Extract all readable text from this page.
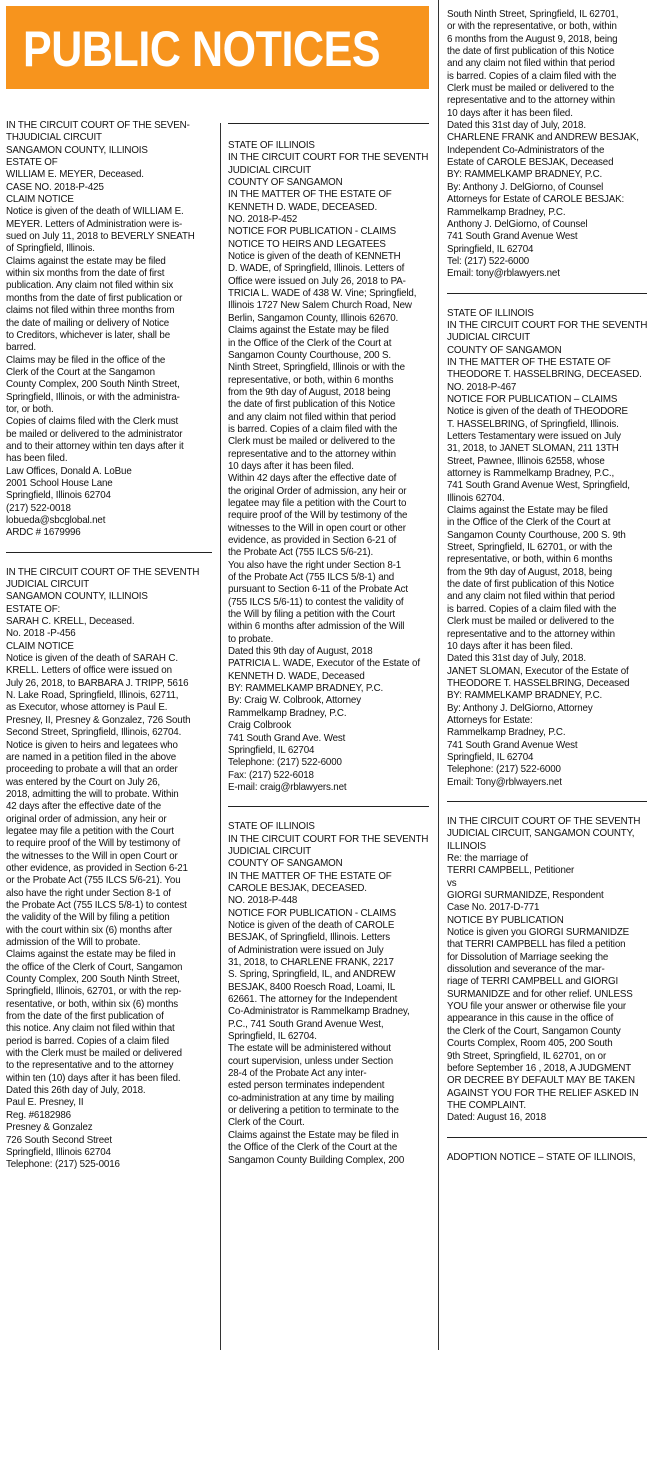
PUBLIC NOTICES
IN THE CIRCUIT COURT OF THE SEVEN-
THJUDICIAL CIRCUIT
SANGAMON COUNTY, ILLINOIS
ESTATE OF
WILLIAM E. MEYER, Deceased.
CASE NO. 2018-P-425
CLAIM NOTICE
Notice is given of the death of WILLIAM E.
MEYER. Letters of Administration were is-
sued on July 11, 2018 to BEVERLY SNEATH
of Springfield, Illinois.
Claims against the estate may be filed
within six months from the date of first
publication. Any claim not filed within six
months from the date of first publication or
claims not filed within three months from
the date of mailing or delivery of Notice
to Creditors, whichever is later, shall be
barred.
Claims may be filed in the office of the
Clerk of the Court at the Sangamon
County Complex, 200 South Ninth Street,
Springfield, Illinois, or with the administra-
tor, or both.
Copies of claims filed with the Clerk must
be mailed or delivered to the administrator
and to their attorney within ten days after it
has been filed.
Law Offices, Donald A. LoBue
2001 School House Lane
Springfield, Illinois 62704
(217) 522-0018
lobueda@sbcglobal.net
ARDC # 1679996
IN THE CIRCUIT COURT OF THE SEVENTH
JUDICIAL CIRCUIT
SANGAMON COUNTY, ILLINOIS
ESTATE OF:
SARAH C. KRELL, Deceased.
No. 2018 -P-456
CLAIM NOTICE
Notice is given of the death of SARAH C.
KRELL. Letters of office were issued on
July 26, 2018, to BARBARA J. TRIPP, 5616
N. Lake Road, Springfield, Illinois, 62711,
as Executor, whose attorney is Paul E.
Presney, II, Presney & Gonzalez, 726 South
Second Street, Springfield, Illinois, 62704.
Notice is given to heirs and legatees who
are named in a petition filed in the above
proceeding to probate a will that an order
was entered by the Court on July 26,
2018, admitting the will to probate. Within
42 days after the effective date of the
original order of admission, any heir or
legatee may file a petition with the Court
to require proof of the Will by testimony of
the witnesses to the Will in open Court or
other evidence, as provided in Section 6-21
or the Probate Act (755 ILCS 5/6-21). You
also have the right under Section 8-1 of
the Probate Act (755 ILCS 5/8-1) to contest
the validity of the Will by filing a petition
with the court within six (6) months after
admission of the Will to probate.
Claims against the estate may be filed in
the office of the Clerk of Court, Sangamon
County Complex, 200 South Ninth Street,
Springfield, Illinois, 62701, or with the rep-
resentative, or both, within six (6) months
from the date of the first publication of
this notice. Any claim not filed within that
period is barred. Copies of a claim filed
with the Clerk must be mailed or delivered
to the representative and to the attorney
within ten (10) days after it has been filed.
Dated this 26th day of July, 2018.
Paul E. Presney, II
Reg. #6182986
Presney & Gonzalez
726 South Second Street
Springfield, Illinois 62704
Telephone: (217) 525-0016
STATE OF ILLINOIS
IN THE CIRCUIT COURT FOR THE SEVENTH
JUDICIAL CIRCUIT
COUNTY OF SANGAMON
IN THE MATTER OF THE ESTATE OF
KENNETH D. WADE, DECEASED.
NO. 2018-P-452
NOTICE FOR PUBLICATION - CLAIMS
NOTICE TO HEIRS AND LEGATEES
Notice is given of the death of KENNETH
D. WADE, of Springfield, Illinois. Letters of
Office were issued on July 26, 2018 to PA-
TRICIA L. WADE of 438 W. Vine; Springfield,
Illinois 1727 New Salem Church Road, New
Berlin, Sangamon County, Illinois 62670.
Claims against the Estate may be filed
in the Office of the Clerk of the Court at
Sangamon County Courthouse, 200 S.
Ninth Street, Springfield, Illinois or with the
representative, or both, within 6 months
from the 9th day of August, 2018 being
the date of first publication of this Notice
and any claim not filed within that period
is barred. Copies of a claim filed with the
Clerk must be mailed or delivered to the
representative and to the attorney within
10 days after it has been filed.
Within 42 days after the effective date of
the original Order of admission, any heir or
legatee may file a petition with the Court to
require proof of the Will by testimony of the
witnesses to the Will in open court or other
evidence, as provided in Section 6-21 of
the Probate Act (755 ILCS 5/6-21).
You also have the right under Section 8-1
of the Probate Act (755 ILCS 5/8-1) and
pursuant to Section 6-11 of the Probate Act
(755 ILCS 5/6-11) to contest the validity of
the Will by filing a petition with the Court
within 6 months after admission of the Will
to probate.
Dated this 9th day of August, 2018
PATRICIA L. WADE, Executor of the Estate of
KENNETH D. WADE, Deceased
BY: RAMMELKAMP BRADNEY, P.C.
By: Craig W. Colbrook, Attorney
Rammelkamp Bradney, P.C.
Craig Colbrook
741 South Grand Ave. West
Springfield, IL 62704
Telephone: (217) 522-6000
Fax: (217) 522-6018
E-mail: craig@rblawyers.net
STATE OF ILLINOIS
IN THE CIRCUIT COURT FOR THE SEVENTH
JUDICIAL CIRCUIT
COUNTY OF SANGAMON
IN THE MATTER OF THE ESTATE OF
CAROLE BESJAK, DECEASED.
NO. 2018-P-448
NOTICE FOR PUBLICATION - CLAIMS
Notice is given of the death of CAROLE
BESJAK, of Springfield, Illinois. Letters
of Administration were issued on July
31, 2018, to CHARLENE FRANK, 2217
S. Spring, Springfield, IL, and ANDREW
BESJAK, 8400 Roesch Road, Loami, IL
62661. The attorney for the Independent
Co-Administrator is Rammelkamp Bradney,
P.C., 741 South Grand Avenue West,
Springfield, IL 62704.
The estate will be administered without
court supervision, unless under Section
28-4 of the Probate Act any inter-
ested person terminates independent
co-administration at any time by mailing
or delivering a petition to terminate to the
Clerk of the Court.
Claims against the Estate may be filed in
the Office of the Clerk of the Court at the
Sangamon County Building Complex, 200
South Ninth Street, Springfield, IL 62701,
or with the representative, or both, within
6 months from the August 9, 2018, being
the date of first publication of this Notice
and any claim not filed within that period
is barred. Copies of a claim filed with the
Clerk must be mailed or delivered to the
representative and to the attorney within
10 days after it has been filed.
Dated this 31st day of July, 2018.
CHARLENE FRANK and ANDREW BESJAK,
Independent Co-Administrators of the
Estate of CAROLE BESJAK, Deceased
BY: RAMMELKAMP BRADNEY, P.C.
By: Anthony J. DelGiorno, of Counsel
Attorneys for Estate of CAROLE BESJAK:
Rammelkamp Bradney, P.C.
Anthony J. DelGiorno, of Counsel
741 South Grand Avenue West
Springfield, IL 62704
Tel: (217) 522-6000
Email: tony@rblawyers.net
STATE OF ILLINOIS
IN THE CIRCUIT COURT FOR THE SEVENTH
JUDICIAL CIRCUIT
COUNTY OF SANGAMON
IN THE MATTER OF THE ESTATE OF
THEODORE T. HASSELBRING, DECEASED.
NO. 2018-P-467
NOTICE FOR PUBLICATION – CLAIMS
Notice is given of the death of THEODORE
T. HASSELBRING, of Springfield, Illinois.
Letters Testamentary were issued on July
31, 2018, to JANET SLOMAN, 211 13TH
Street, Pawnee, Illinois 62558, whose
attorney is Rammelkamp Bradney, P.C.,
741 South Grand Avenue West, Springfield,
Illinois 62704.
Claims against the Estate may be filed
in the Office of the Clerk of the Court at
Sangamon County Courthouse, 200 S. 9th
Street, Springfield, IL 62701, or with the
representative, or both, within 6 months
from the 9th day of August, 2018, being
the date of first publication of this Notice
and any claim not filed within that period
is barred. Copies of a claim filed with the
Clerk must be mailed or delivered to the
representative and to the attorney within
10 days after it has been filed.
Dated this 31st day of July, 2018.
JANET SLOMAN, Executor of the Estate of
THEODORE T. HASSELBRING, Deceased
BY: RAMMELKAMP BRADNEY, P.C.
By: Anthony J. DelGiorno, Attorney
Attorneys for Estate:
Rammelkamp Bradney, P.C.
741 South Grand Avenue West
Springfield, IL 62704
Telephone: (217) 522-6000
Email: Tony@rblwayers.net
IN THE CIRCUIT COURT OF THE SEVENTH
JUDICIAL CIRCUIT, SANGAMON COUNTY,
ILLINOIS
Re: the marriage of
TERRI CAMPBELL, Petitioner
vs
GIORGI SURMANIDZE, Respondent
Case No. 2017-D-771
NOTICE BY PUBLICATION
Notice is given you GIORGI SURMANIDZE
that TERRI CAMPBELL has filed a petition
for Dissolution of Marriage seeking the
dissolution and severance of the mar-
riage of TERRI CAMPBELL and GIORGI
SURMANIDZE and for other relief. UNLESS
YOU file your answer or otherwise file your
appearance in this cause in the office of
the Clerk of the Court, Sangamon County
Courts Complex, Room 405, 200 South
9th Street, Springfield, IL 62701, on or
before September 16 , 2018, A JUDGMENT
OR DECREE BY DEFAULT MAY BE TAKEN
AGAINST YOU FOR THE RELIEF ASKED IN
THE COMPLAINT.
Dated: August 16, 2018
ADOPTION NOTICE – STATE OF ILLINOIS,
